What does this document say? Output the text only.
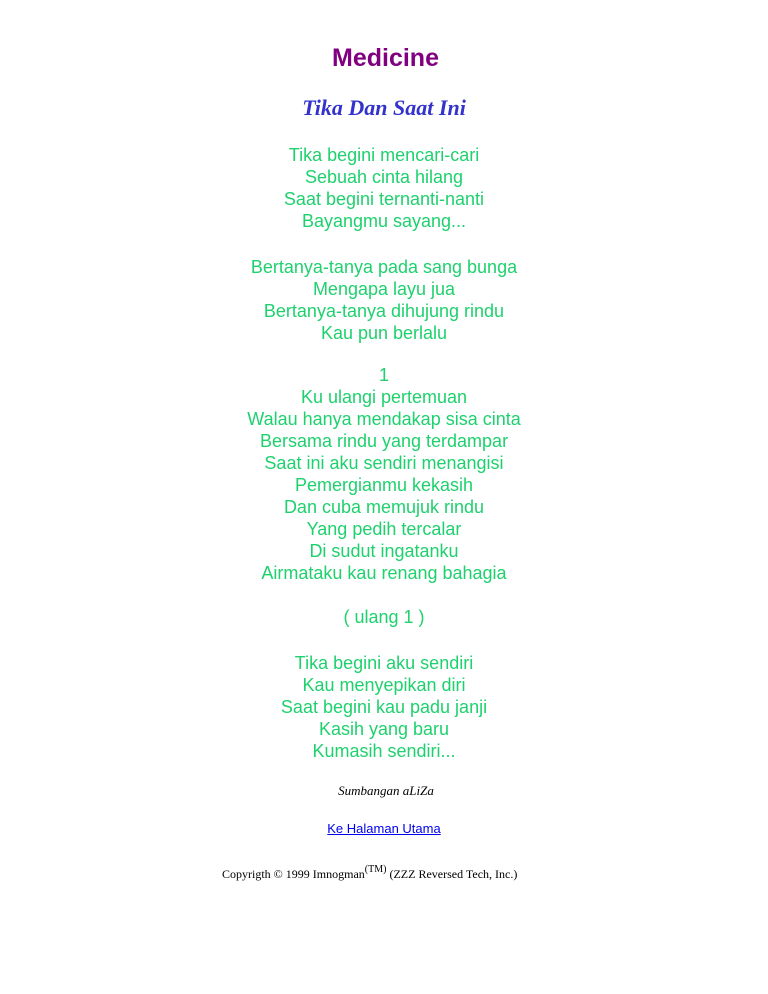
Medicine
Tika Dan Saat Ini
Tika begini mencari-cari
Sebuah cinta hilang
Saat begini ternanti-nanti
Bayangmu sayang...
Bertanya-tanya pada sang bunga
Mengapa layu jua
Bertanya-tanya dihujung rindu
Kau pun berlalu
1
Ku ulangi pertemuan
Walau hanya mendakap sisa cinta
Bersama rindu yang terdampar
Saat ini aku sendiri menangisi
Pemergianmu kekasih
Dan cuba memujuk rindu
Yang pedih tercalar
Di sudut ingatanku
Airmataku kau renang bahagia
( ulang 1 )
Tika begini aku sendiri
Kau menyepikan diri
Saat begini kau padu janji
Kasih yang baru
Kumasih sendiri...
Sumbangan aLiZa
Ke Halaman Utama
Copyrigth © 1999 Imnogman$^{(TM)}$ (ZZZ Reversed Tech, Inc.)
